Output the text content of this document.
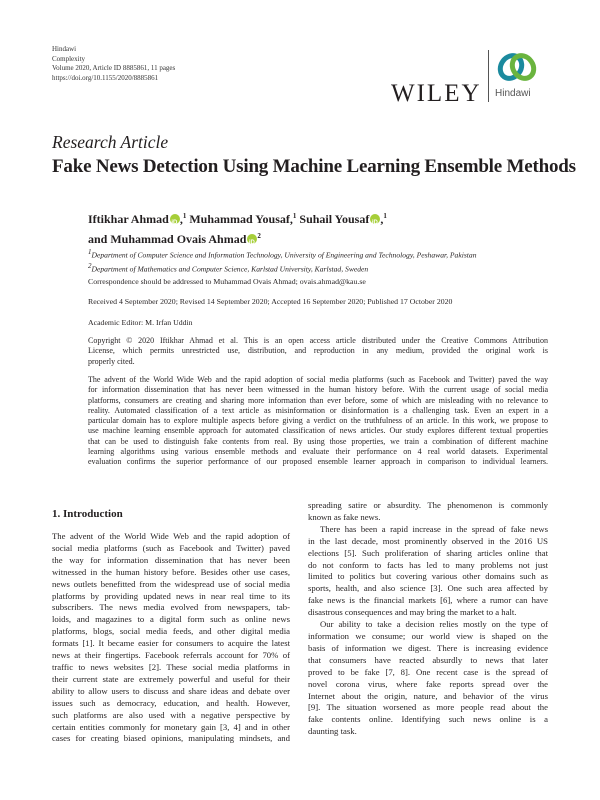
Hindawi
Complexity
Volume 2020, Article ID 8885861, 11 pages
https://doi.org/10.1155/2020/8885861
WILEY Hindawi
Research Article
Fake News Detection Using Machine Learning Ensemble Methods
Iftikhar Ahmad iD ,$^1$ Muhammad Yousaf,$^1$ Suhail Yousaf iD ,$^1$
and Muhammad Ovais Ahmad iD $^2$
$^1$Department of Computer Science and Information Technology, University of Engineering and Technology, Peshawar, Pakistan
$^2$Department of Mathematics and Computer Science, Karlstad University, Karlstad, Sweden
Correspondence should be addressed to Muhammad Ovais Ahmad; ovais.ahmad@kau.se
Received 4 September 2020; Revised 14 September 2020; Accepted 16 September 2020; Published 17 October 2020
Academic Editor: M. Irfan Uddin
Copyright © 2020 Iftikhar Ahmad et al. This is an open access article distributed under the Creative Commons Attribution
License, which permits unrestricted use, distribution, and reproduction in any medium, provided the original work is
properly cited.
The advent of the World Wide Web and the rapid adoption of social media platforms (such as Facebook and Twitter) paved the way
for information dissemination that has never been witnessed in the human history before. With the current usage of social media
platforms, consumers are creating and sharing more information than ever before, some of which are misleading with no relevance to
reality. Automated classification of a text article as misinformation or disinformation is a challenging task. Even an expert in a
particular domain has to explore multiple aspects before giving a verdict on the truthfulness of an article. In this work, we propose to
use machine learning ensemble approach for automated classification of news articles. Our study explores different textual properties
that can be used to distinguish fake contents from real. By using those properties, we train a combination of different machine
learning algorithms using various ensemble methods and evaluate their performance on 4 real world datasets. Experimental
evaluation confirms the superior performance of our proposed ensemble learner approach in comparison to individual learners.
1. Introduction
The advent of the World Wide Web and the rapid adoption of
social media platforms (such as Facebook and Twitter) paved
the way for information dissemination that has never been
witnessed in the human history before. Besides other use cases,
news outlets benefitted from the widespread use of social media
platforms by providing updated news in near real time to its
subscribers. The news media evolved from newspapers, tab-
loids, and magazines to a digital form such as online news
platforms, blogs, social media feeds, and other digital media
formats [1]. It became easier for consumers to acquire the latest
news at their fingertips. Facebook referrals account for 70% of
traffic to news websites [2]. These social media platforms in
their current state are extremely powerful and useful for their
ability to allow users to discuss and share ideas and debate over
issues such as democracy, education, and health. However,
such platforms are also used with a negative perspective by
certain entities commonly for monetary gain [3, 4] and in other
cases for creating biased opinions, manipulating mindsets, and
spreading satire or absurdity. The phenomenon is commonly
known as fake news.
There has been a rapid increase in the spread of fake news
in the last decade, most prominently observed in the 2016 US
elections [5]. Such proliferation of sharing articles online that
do not conform to facts has led to many problems not just
limited to politics but covering various other domains such as
sports, health, and also science [3]. One such area affected by
fake news is the financial markets [6], where a rumor can have
disastrous consequences and may bring the market to a halt.
Our ability to take a decision relies mostly on the type of
information we consume; our world view is shaped on the
basis of information we digest. There is increasing evidence
that consumers have reacted absurdly to news that later
proved to be fake [7, 8]. One recent case is the spread of
novel corona virus, where fake reports spread over the
Internet about the origin, nature, and behavior of the virus
[9]. The situation worsened as more people read about the
fake contents online. Identifying such news online is a
daunting task.
